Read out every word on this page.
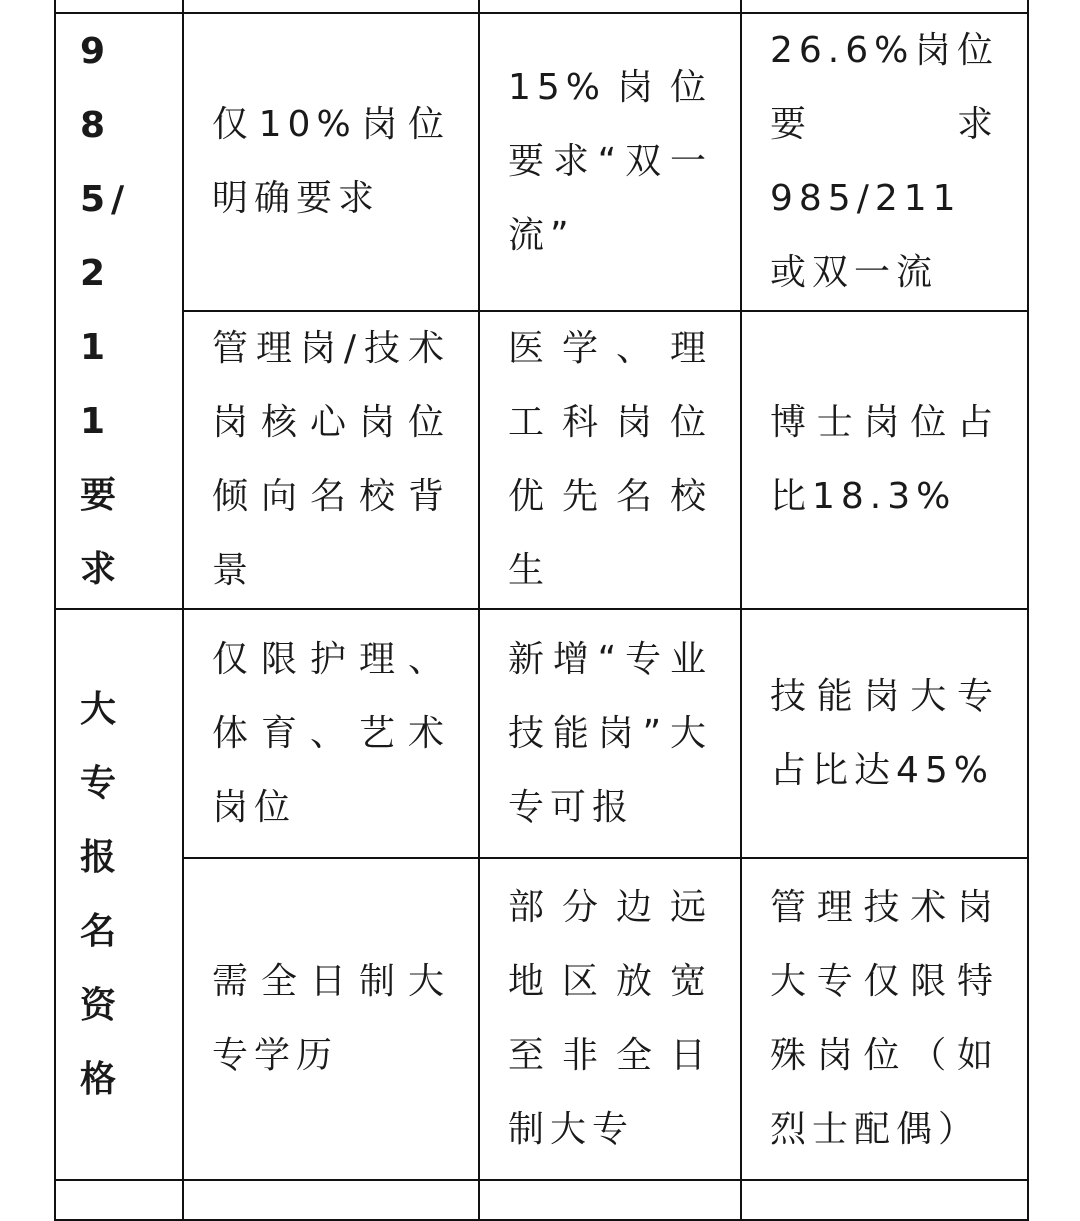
985/211要求	仅10%岗位明确要求	15%岗位要求“双一流”	26.6%岗位要求985/211或双一流

	管理岗/技术岗核心岗位倾向名校背景	医学、理工科岗位优先名校生	博士岗位占比18.3%

大专报名资格	仅限护理、体育、艺术岗位	新增“专业技能岗”大专可报	技能岗大专占比达45%

	需全日制大专学历	部分边远地区放宽至非全日制大专	管理技术岗大专仅限特殊岗位（如烈士配偶）
